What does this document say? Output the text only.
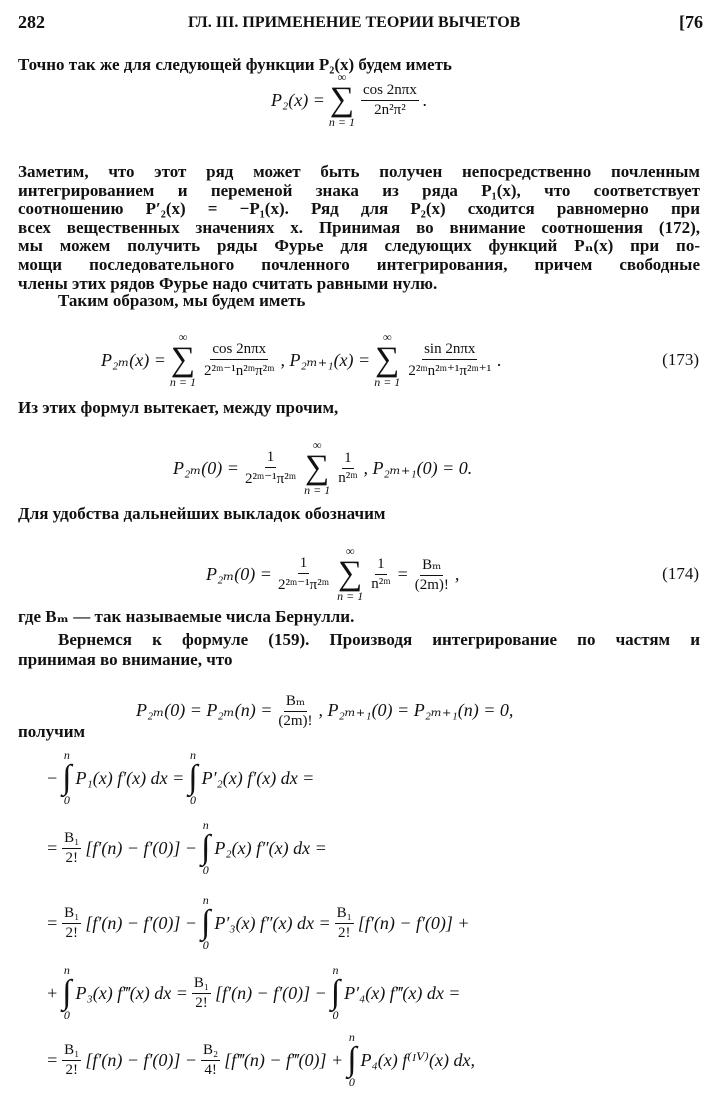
282	ГЛ. III. ПРИМЕНЕНИЕ ТЕОРИИ ВЫЧЕТОВ	[76
Точно так же для следующей функции P₂(x) будем иметь
Заметим, что этот ряд может быть получен непосредственно почленным
интегрированием и переменой знака из ряда P₁(x), что соответствует
соотношению P′₂(x) = −P₁(x). Ряд для P₂(x) сходится равномерно при
всех вещественных значениях x. Принимая во внимание соотношения (172),
мы можем получить ряды Фурье для следующих функций Pₙ(x) при по-
мощи последовательного почленного интегрирования, причем свободные
члены этих рядов Фурье надо считать равными нулю.
Таким образом, мы будем иметь
Из этих формул вытекает, между прочим,
Для удобства дальнейших выкладок обозначим
где Bₘ — так называемые числа Бернулли.
Вернемся к формуле (159). Производя интегрирование по частям и
принимая во внимание, что
получим
P₂(x) =
∞
∑
n = 1
$\frac{\text{cos 2nπx}}{\text{2n²π²}}$ .
P₂ₘ(x) =
∞
∑
n = 1
$\frac{\text{cos 2nπx}}{\text{2²ᵐ⁻¹n²ᵐπ²ᵐ}}$ , P₂ₘ₊₁(x) =
∞
∑
n = 1
$\frac{\text{sin 2nπx}}{\text{2²ᵐn²ᵐ⁺¹π²ᵐ⁺¹}}$ .	(173)
$P_{2m}(0) = \frac{1}{\text{2²ᵐ⁻¹π²ᵐ}}$
∞
∑
n = 1
$\frac{1}{\text{n²ᵐ}}$ , P₂ₘ₊₁(0) = 0.
$P_{2m}(0) = \frac{1}{\text{2²ᵐ⁻¹π²ᵐ}}$
∞
∑
n = 1
$\frac{1}{\text{n²ᵐ}} = \frac{\text{Bₘ}}{(2m)!}$ ,	(174)
$P_{2m}(0) = P_{2m}(n) = \frac{\text{Bₘ}}{(2m)!}$ , P₂ₘ₊₁(0) = P₂ₘ₊₁(n) = 0,
−
n
∫
0
P₁(x) f′(x) dx =
n
∫
0
P′₂(x) f′(x) dx =
= $\frac{\text{B₁}}{2!} [f'(n) - f'(0)]$ −
n
∫
0
P₂(x) f″(x) dx =
= $\frac{\text{B₁}}{2!} [f'(n) - f'(0)]$ −
n
∫
0
P′₃(x) f″(x) dx = $\frac{\text{B₁}}{2!} [f'(n) - f'(0)]$ +
+
n
∫
0
P₃(x) f‴(x) dx = $\frac{\text{B₁}}{2!} [f'(n) - f'(0)]$ −
n
∫
0
P′₄(x) f‴(x) dx =
= $\frac{\text{B₁}}{2!} [f'(n) - f'(0)] - \frac{\text{B₂}}{4!}$ [f‴(n) − f‴(0)] +
n
∫
0
P₄(x) f⁽ᴵⱽ⁾(x) dx,
